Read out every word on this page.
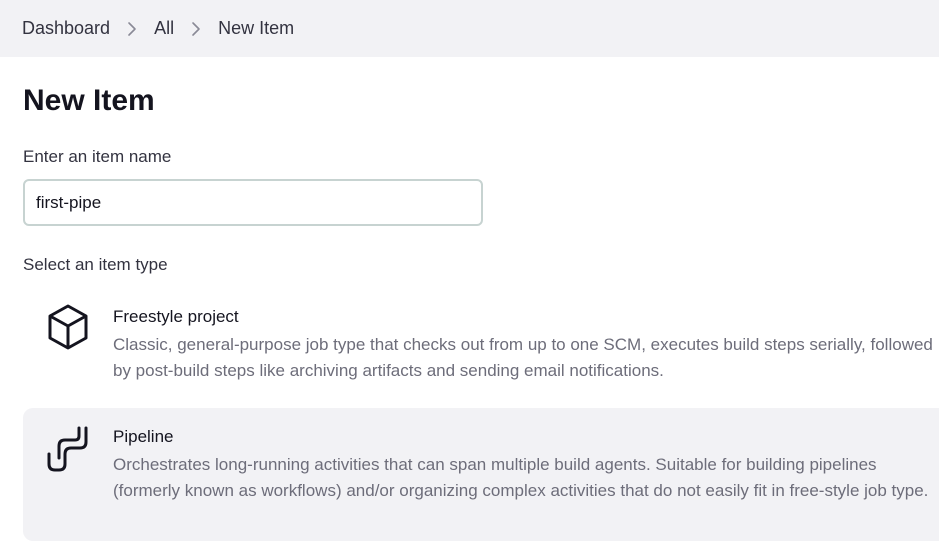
Dashboard All New Item
New Item
Enter an item name
first-pipe
Select an item type
Freestyle project
Classic, general-purpose job type that checks out from up to one SCM, executes build steps serially, followed by post-build steps like archiving artifacts and sending email notifications.
Pipeline
Orchestrates long-running activities that can span multiple build agents. Suitable for building pipelines (formerly known as workflows) and/or organizing complex activities that do not easily fit in free-style job type.
